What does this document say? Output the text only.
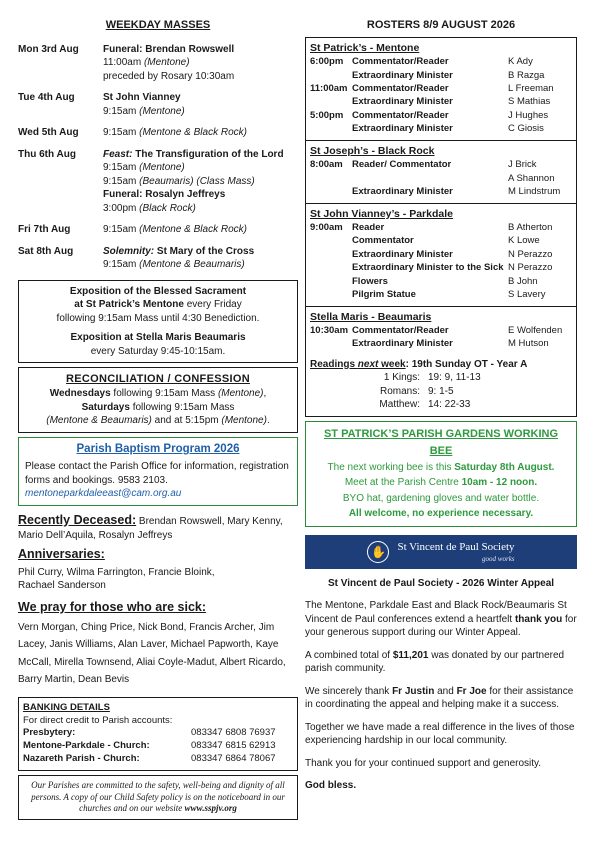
WEEKDAY MASSES
Mon 3rd Aug	Funeral: Brendan Rowswell
11:00am (Mentone)
preceded by Rosary 10:30am
Tue 4th Aug	St John Vianney
9:15am (Mentone)
Wed 5th Aug	9:15am (Mentone & Black Rock)
Thu 6th Aug	Feast: The Transfiguration of the Lord
9:15am (Mentone)
9:15am (Beaumaris) (Class Mass)
Funeral: Rosalyn Jeffreys
3:00pm (Black Rock)
Fri 7th Aug	9:15am (Mentone & Black Rock)
Sat 8th Aug	Solemnity: St Mary of the Cross
9:15am (Mentone & Beaumaris)

Exposition of the Blessed Sacrament
at St Patrick’s Mentone every Friday
following 9:15am Mass until 4:30 Benediction.

Exposition at Stella Maris Beaumaris
every Saturday 9:45-10:15am.

RECONCILIATION / CONFESSION
Wednesdays following 9:15am Mass (Mentone),
Saturdays following 9:15am Mass
(Mentone & Beaumaris) and at 5:15pm (Mentone).
Parish Baptism Program 2026
Please contact the Parish Office for information, registration forms and bookings. 9583 2103.
mentoneparkdaleeast@cam.org.au
Recently Deceased: Brendan Rowswell, Mary Kenny, Mario Dell’Aquila, Rosalyn Jeffreys
Anniversaries:
Phil Curry, Wilma Farrington, Francie Bloink,
Rachael Sanderson
We pray for those who are sick:
Vern Morgan, Ching Price, Nick Bond, Francis Archer, Jim Lacey, Janis Williams, Alan Laver, Michael Papworth, Kaye McCall, Mirella Townsend, Aliai Coyle-Madut, Albert Ricardo, Barry Martin, Dean Bevis
BANKING DETAILS
For direct credit to Parish accounts:
Presbytery:	083347 6808 76937
Mentone-Parkdale - Church:	083347 6815 62913
Nazareth Parish - Church:	083347 6864 78067
Our Parishes are committed to the safety, well-being and dignity of all persons. A copy of our Child Safety policy is on the noticeboard in our churches and on our website www.sspjv.org
ROSTERS 8/9 AUGUST 2026
St Patrick’s - Mentone
6:00pm Commentator/Reader	K Ady
Extraordinary Minister	B Razga
11:00am Commentator/Reader	L Freeman
Extraordinary Minister	S Mathias
5:00pm Commentator/Reader	J Hughes
Extraordinary Minister	C Giosis
St Joseph’s - Black Rock
8:00am Reader/ Commentator	J Brick
A Shannon
Extraordinary Minister	M Lindstrum
St John Vianney’s - Parkdale
9:00am Reader	B Atherton
Commentator	K Lowe
Extraordinary Minister	N Perazzo
Extraordinary Minister to the Sick N Perazzo
Flowers	B John
Pilgrim Statue	S Lavery
Stella Maris - Beaumaris
10:30am Commentator/Reader	E Wolfenden
Extraordinary Minister	M Hutson
Readings next week: 19th Sunday OT - Year A
1 Kings: 19: 9, 11-13
Romans: 9: 1-5
Matthew: 14: 22-33
ST PATRICK’S PARISH GARDENS WORKING BEE
The next working bee is this Saturday 8th August.
Meet at the Parish Centre 10am - 12 noon.
BYO hat, gardening gloves and water bottle.
All welcome, no experience necessary.
✋	St Vincent de Paul Society
good works
St Vincent de Paul Society - 2026 Winter Appeal

The Mentone, Parkdale East and Black Rock/Beaumaris St Vincent de Paul conferences extend a heartfelt thank you for your generous support during our Winter Appeal.

A combined total of $11,201 was donated by our partnered parish community.

We sincerely thank Fr Justin and Fr Joe for their assistance in coordinating the appeal and helping make it a success.

Together we have made a real difference in the lives of those experiencing hardship in our local community.

Thank you for your continued support and generosity.

God bless.
